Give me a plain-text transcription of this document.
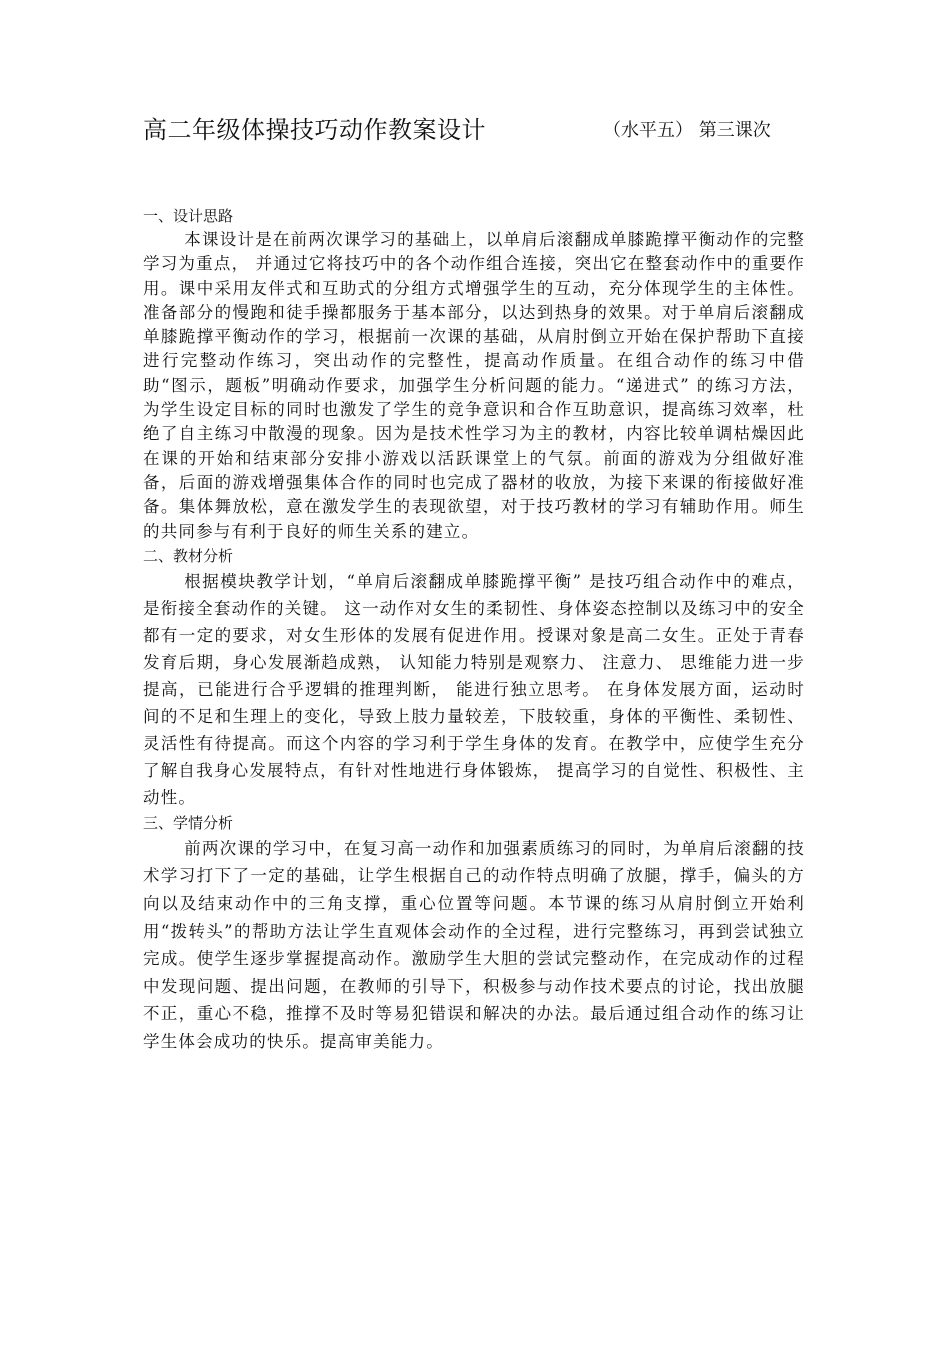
高二年级体操技巧动作教案设计	（水平五） 第三课次
一、设计思路

本课设计是在前两次课学习的基础上，以单肩后滚翻成单膝跪撑平衡动作的完整学习为重点， 并通过它将技巧中的各个动作组合连接，突出它在整套动作中的重要作用。课中采用友伴式和互助式的分组方式增强学生的互动，充分体现学生的主体性。准备部分的慢跑和徒手操都服务于基本部分，以达到热身的效果。对于单肩后滚翻成单膝跪撑平衡动作的学习，根据前一次课的基础，从肩肘倒立开始在保护帮助下直接进行完整动作练习，突出动作的完整性，提高动作质量。在组合动作的练习中借助“图示，题板”明确动作要求，加强学生分析问题的能力。“递进式” 的练习方法， 为学生设定目标的同时也激发了学生的竞争意识和合作互助意识，提高练习效率，杜绝了自主练习中散漫的现象。因为是技术性学习为主的教材，内容比较单调枯燥因此在课的开始和结束部分安排小游戏以活跃课堂上的气氛。前面的游戏为分组做好准备，后面的游戏增强集体合作的同时也完成了器材的收放，为接下来课的衔接做好准备。集体舞放松，意在激发学生的表现欲望，对于技巧教材的学习有辅助作用。师生的共同参与有利于良好的师生关系的建立。

二、教材分析

根据模块教学计划，“单肩后滚翻成单膝跪撑平衡” 是技巧组合动作中的难点， 是衔接全套动作的关键。 这一动作对女生的柔韧性、身体姿态控制以及练习中的安全都有一定的要求，对女生形体的发展有促进作用。授课对象是高二女生。正处于青春发育后期，身心发展渐趋成熟， 认知能力特别是观察力、 注意力、 思维能力进一步提高，已能进行合乎逻辑的推理判断， 能进行独立思考。 在身体发展方面，运动时间的不足和生理上的变化，导致上肢力量较差，下肢较重，身体的平衡性、柔韧性、灵活性有待提高。而这个内容的学习利于学生身体的发育。在教学中，应使学生充分了解自我身心发展特点，有针对性地进行身体锻炼， 提高学习的自觉性、积极性、主动性。

三、学情分析

前两次课的学习中，在复习高一动作和加强素质练习的同时，为单肩后滚翻的技术学习打下了一定的基础，让学生根据自己的动作特点明确了放腿，撑手，偏头的方向以及结束动作中的三角支撑，重心位置等问题。本节课的练习从肩肘倒立开始利用“拨转头”的帮助方法让学生直观体会动作的全过程，进行完整练习，再到尝试独立完成。使学生逐步掌握提高动作。激励学生大胆的尝试完整动作，在完成动作的过程中发现问题、提出问题，在教师的引导下，积极参与动作技术要点的讨论，找出放腿不正，重心不稳，推撑不及时等易犯错误和解决的办法。最后通过组合动作的练习让学生体会成功的快乐。提高审美能力。
